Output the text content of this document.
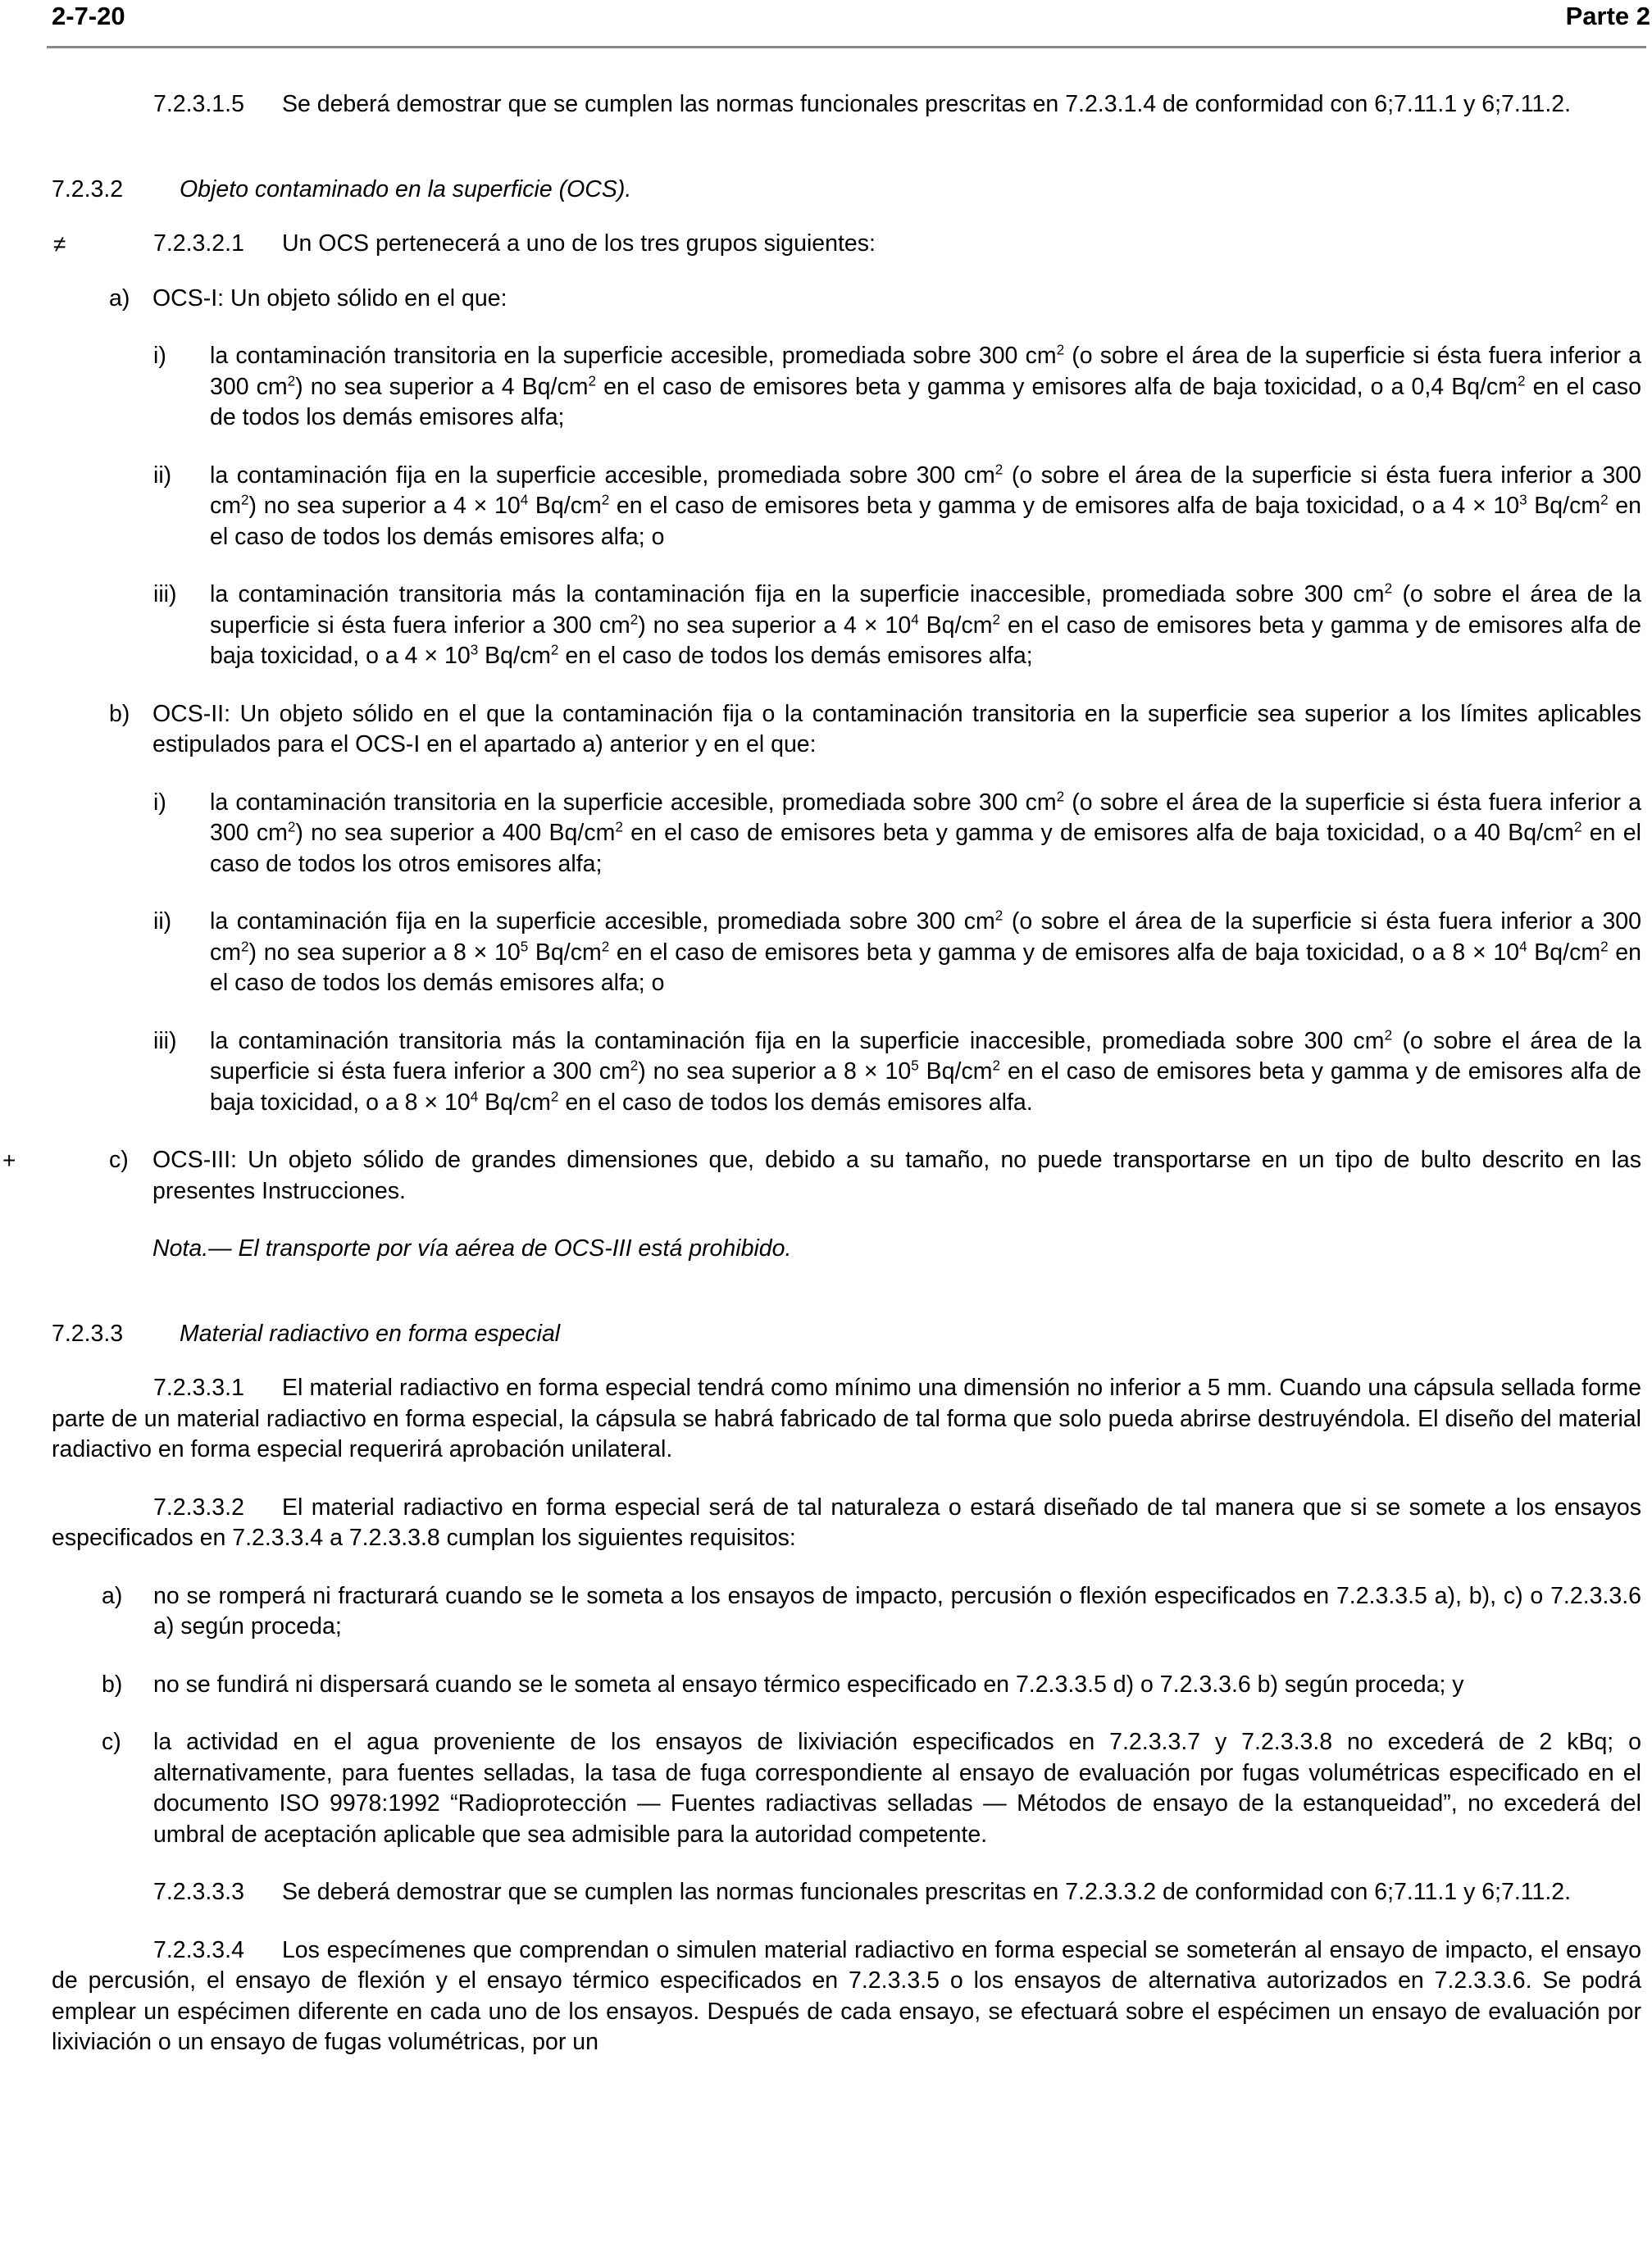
2-7-20	Parte 2

7.2.3.1.5 Se deberá demostrar que se cumplen las normas funcionales prescritas en 7.2.3.1.4 de conformidad con 6;7.11.1 y 6;7.11.2.

7.2.3.2 Objeto contaminado en la superficie (OCS).

≠	7.2.3.2.1 Un OCS pertenecerá a uno de los tres grupos siguientes:

a) OCS-I: Un objeto sólido en el que:

i) la contaminación transitoria en la superficie accesible, promediada sobre 300 $cm^2$ (o sobre el área de la superficie si ésta fuera inferior a 300 $cm^2$) no sea superior a 4 $Bq/cm^2$ en el caso de emisores beta y gamma y emisores alfa de baja toxicidad, o a 0,4 $Bq/cm^2$ en el caso de todos los demás emisores alfa;

ii) la contaminación fija en la superficie accesible, promediada sobre 300 $cm^2$ (o sobre el área de la superficie si ésta fuera inferior a 300 $cm^2$) no sea superior a $4 \times 10^4$ $Bq/cm^2$ en el caso de emisores beta y gamma y de emisores alfa de baja toxicidad, o a $4 \times 10^3$ $Bq/cm^2$ en el caso de todos los demás emisores alfa; o

iii) la contaminación transitoria más la contaminación fija en la superficie inaccesible, promediada sobre 300 $cm^2$ (o sobre el área de la superficie si ésta fuera inferior a 300 $cm^2$) no sea superior a $4 \times 10^4$ $Bq/cm^2$ en el caso de emisores beta y gamma y de emisores alfa de baja toxicidad, o a $4 \times 10^3$ $Bq/cm^2$ en el caso de todos los demás emisores alfa;

b) OCS-II: Un objeto sólido en el que la contaminación fija o la contaminación transitoria en la superficie sea superior a los límites aplicables estipulados para el OCS-I en el apartado a) anterior y en el que:

i) la contaminación transitoria en la superficie accesible, promediada sobre 300 $cm^2$ (o sobre el área de la superficie si ésta fuera inferior a 300 $cm^2$) no sea superior a 400 $Bq/cm^2$ en el caso de emisores beta y gamma y de emisores alfa de baja toxicidad, o a 40 $Bq/cm^2$ en el caso de todos los otros emisores alfa;

ii) la contaminación fija en la superficie accesible, promediada sobre 300 $cm^2$ (o sobre el área de la superficie si ésta fuera inferior a 300 $cm^2$) no sea superior a $8 \times 10^5$ $Bq/cm^2$ en el caso de emisores beta y gamma y de emisores alfa de baja toxicidad, o a $8 \times 10^4$ $Bq/cm^2$ en el caso de todos los demás emisores alfa; o

iii) la contaminación transitoria más la contaminación fija en la superficie inaccesible, promediada sobre 300 $cm^2$ (o sobre el área de la superficie si ésta fuera inferior a 300 $cm^2$) no sea superior a $8 \times 10^5$ $Bq/cm^2$ en el caso de emisores beta y gamma y de emisores alfa de baja toxicidad, o a $8 \times 10^4$ $Bq/cm^2$ en el caso de todos los demás emisores alfa.

+	c) OCS-III: Un objeto sólido de grandes dimensiones que, debido a su tamaño, no puede transportarse en un tipo de bulto descrito en las presentes Instrucciones.

Nota.— El transporte por vía aérea de OCS-III está prohibido.

7.2.3.3 Material radiactivo en forma especial

7.2.3.3.1 El material radiactivo en forma especial tendrá como mínimo una dimensión no inferior a 5 mm. Cuando una cápsula sellada forme parte de un material radiactivo en forma especial, la cápsula se habrá fabricado de tal forma que solo pueda abrirse destruyéndola. El diseño del material radiactivo en forma especial requerirá aprobación unilateral.

7.2.3.3.2 El material radiactivo en forma especial será de tal naturaleza o estará diseñado de tal manera que si se somete a los ensayos especificados en 7.2.3.3.4 a 7.2.3.3.8 cumplan los siguientes requisitos:

a) no se romperá ni fracturará cuando se le someta a los ensayos de impacto, percusión o flexión especificados en 7.2.3.3.5 a), b), c) o 7.2.3.3.6 a) según proceda;

b) no se fundirá ni dispersará cuando se le someta al ensayo térmico especificado en 7.2.3.3.5 d) o 7.2.3.3.6 b) según proceda; y

c) la actividad en el agua proveniente de los ensayos de lixiviación especificados en 7.2.3.3.7 y 7.2.3.3.8 no excederá de 2 kBq; o alternativamente, para fuentes selladas, la tasa de fuga correspondiente al ensayo de evaluación por fugas volumétricas especificado en el documento ISO 9978:1992 “Radioprotección — Fuentes radiactivas selladas — Métodos de ensayo de la estanqueidad”, no excederá del umbral de aceptación aplicable que sea admisible para la autoridad competente.

7.2.3.3.3 Se deberá demostrar que se cumplen las normas funcionales prescritas en 7.2.3.3.2 de conformidad con 6;7.11.1 y 6;7.11.2.

7.2.3.3.4 Los especímenes que comprendan o simulen material radiactivo en forma especial se someterán al ensayo de impacto, el ensayo de percusión, el ensayo de flexión y el ensayo térmico especificados en 7.2.3.3.5 o los ensayos de alternativa autorizados en 7.2.3.3.6. Se podrá emplear un espécimen diferente en cada uno de los ensayos. Después de cada ensayo, se efectuará sobre el espécimen un ensayo de evaluación por lixiviación o un ensayo de fugas volumétricas, por un
